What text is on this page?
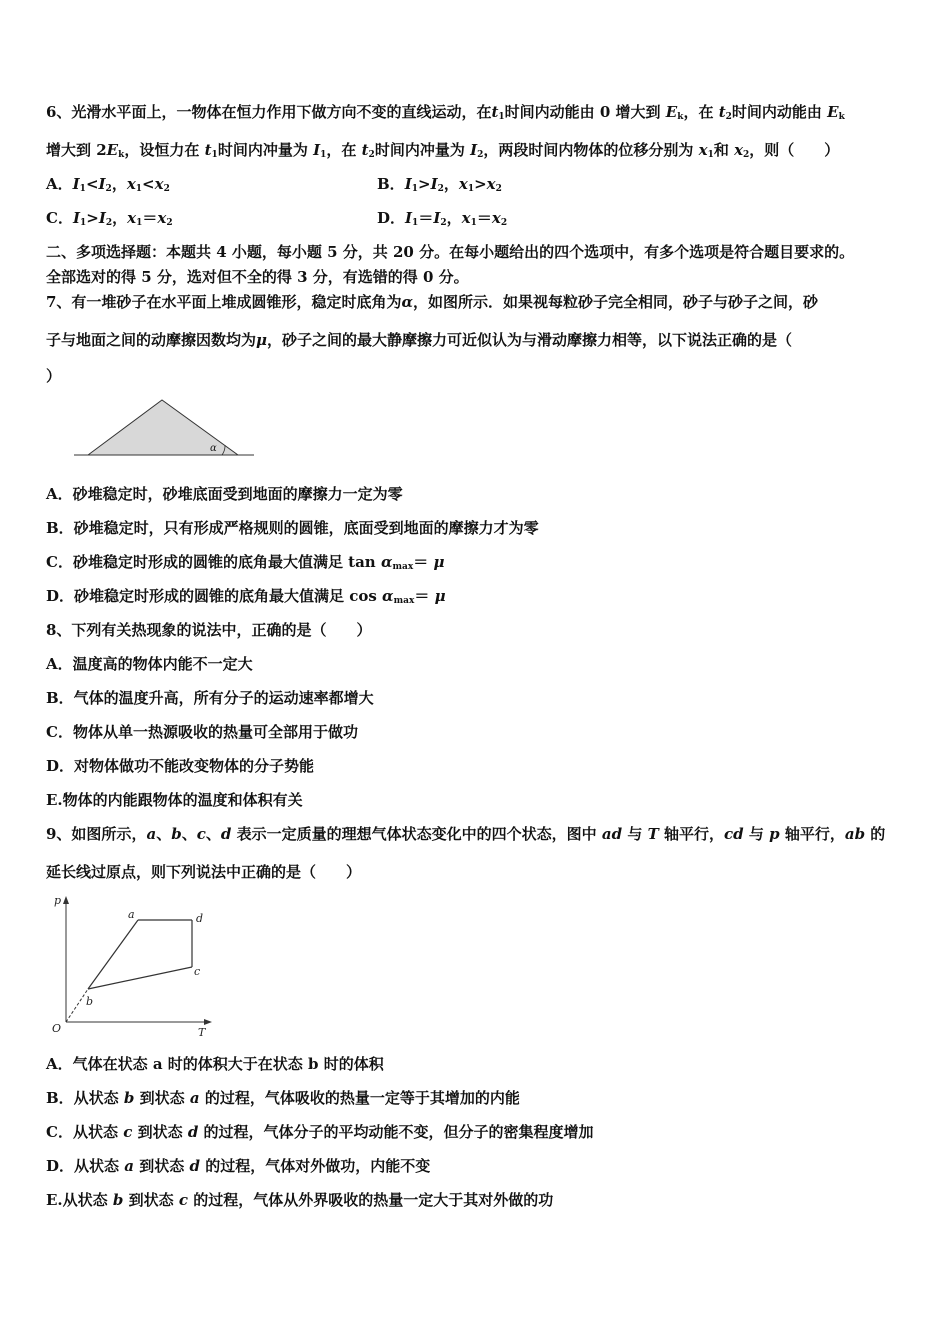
6、光滑水平面上，一物体在恒力作用下做方向不变的直线运动，在$t_1$时间内动能由 0 增大到 $E_k$，在 $t_2$时间内动能由 $E_k$
增大到 $2E_k$，设恒力在 $t_1$时间内冲量为 $I_1$，在 $t_2$时间内冲量为 $I_2$，两段时间内物体的位移分别为 $x_1$和 $x_2$，则（　　）
A．$I_1<I_2$，$x_1<x_2$	B．$I_1>I_2$，$x_1>x_2$
C．$I_1>I_2$，$x_1=x_2$	D．$I_1=I_2$，$x_1=x_2$
二、多项选择题：本题共 4 小题，每小题 5 分，共 20 分。在每小题给出的四个选项中，有多个选项是符合题目要求的。
全部选对的得 5 分，选对但不全的得 3 分，有选错的得 0 分。
7、有一堆砂子在水平面上堆成圆锥形，稳定时底角为α，如图所示．如果视每粒砂子完全相同，砂子与砂子之间，砂
子与地面之间的动摩擦因数均为μ，砂子之间的最大静摩擦力可近似认为与滑动摩擦力相等，以下说法正确的是（
）
α
A．砂堆稳定时，砂堆底面受到地面的摩擦力一定为零
B．砂堆稳定时，只有形成严格规则的圆锥，底面受到地面的摩擦力才为零
C．砂堆稳定时形成的圆锥的底角最大值满足 $\tan \alpha_{max}= \mu$
D．砂堆稳定时形成的圆锥的底角最大值满足 $\cos \alpha_{max}= \mu$
8、下列有关热现象的说法中，正确的是（　　）
A．温度高的物体内能不一定大
B．气体的温度升高，所有分子的运动速率都增大
C．物体从单一热源吸收的热量可全部用于做功
D．对物体做功不能改变物体的分子势能
E.物体的内能跟物体的温度和体积有关
9、如图所示，a、b、c、d 表示一定质量的理想气体状态变化中的四个状态，图中 ad 与 T 轴平行，cd 与 p 轴平行，ab 的
延长线过原点，则下列说法中正确的是（　　）
p
T
O
a
b
c
d
A．气体在状态 a 时的体积大于在状态 b 时的体积
B．从状态 b 到状态 a 的过程，气体吸收的热量一定等于其增加的内能
C．从状态 c 到状态 d 的过程，气体分子的平均动能不变，但分子的密集程度增加
D．从状态 a 到状态 d 的过程，气体对外做功，内能不变
E.从状态 b 到状态 c 的过程，气体从外界吸收的热量一定大于其对外做的功
